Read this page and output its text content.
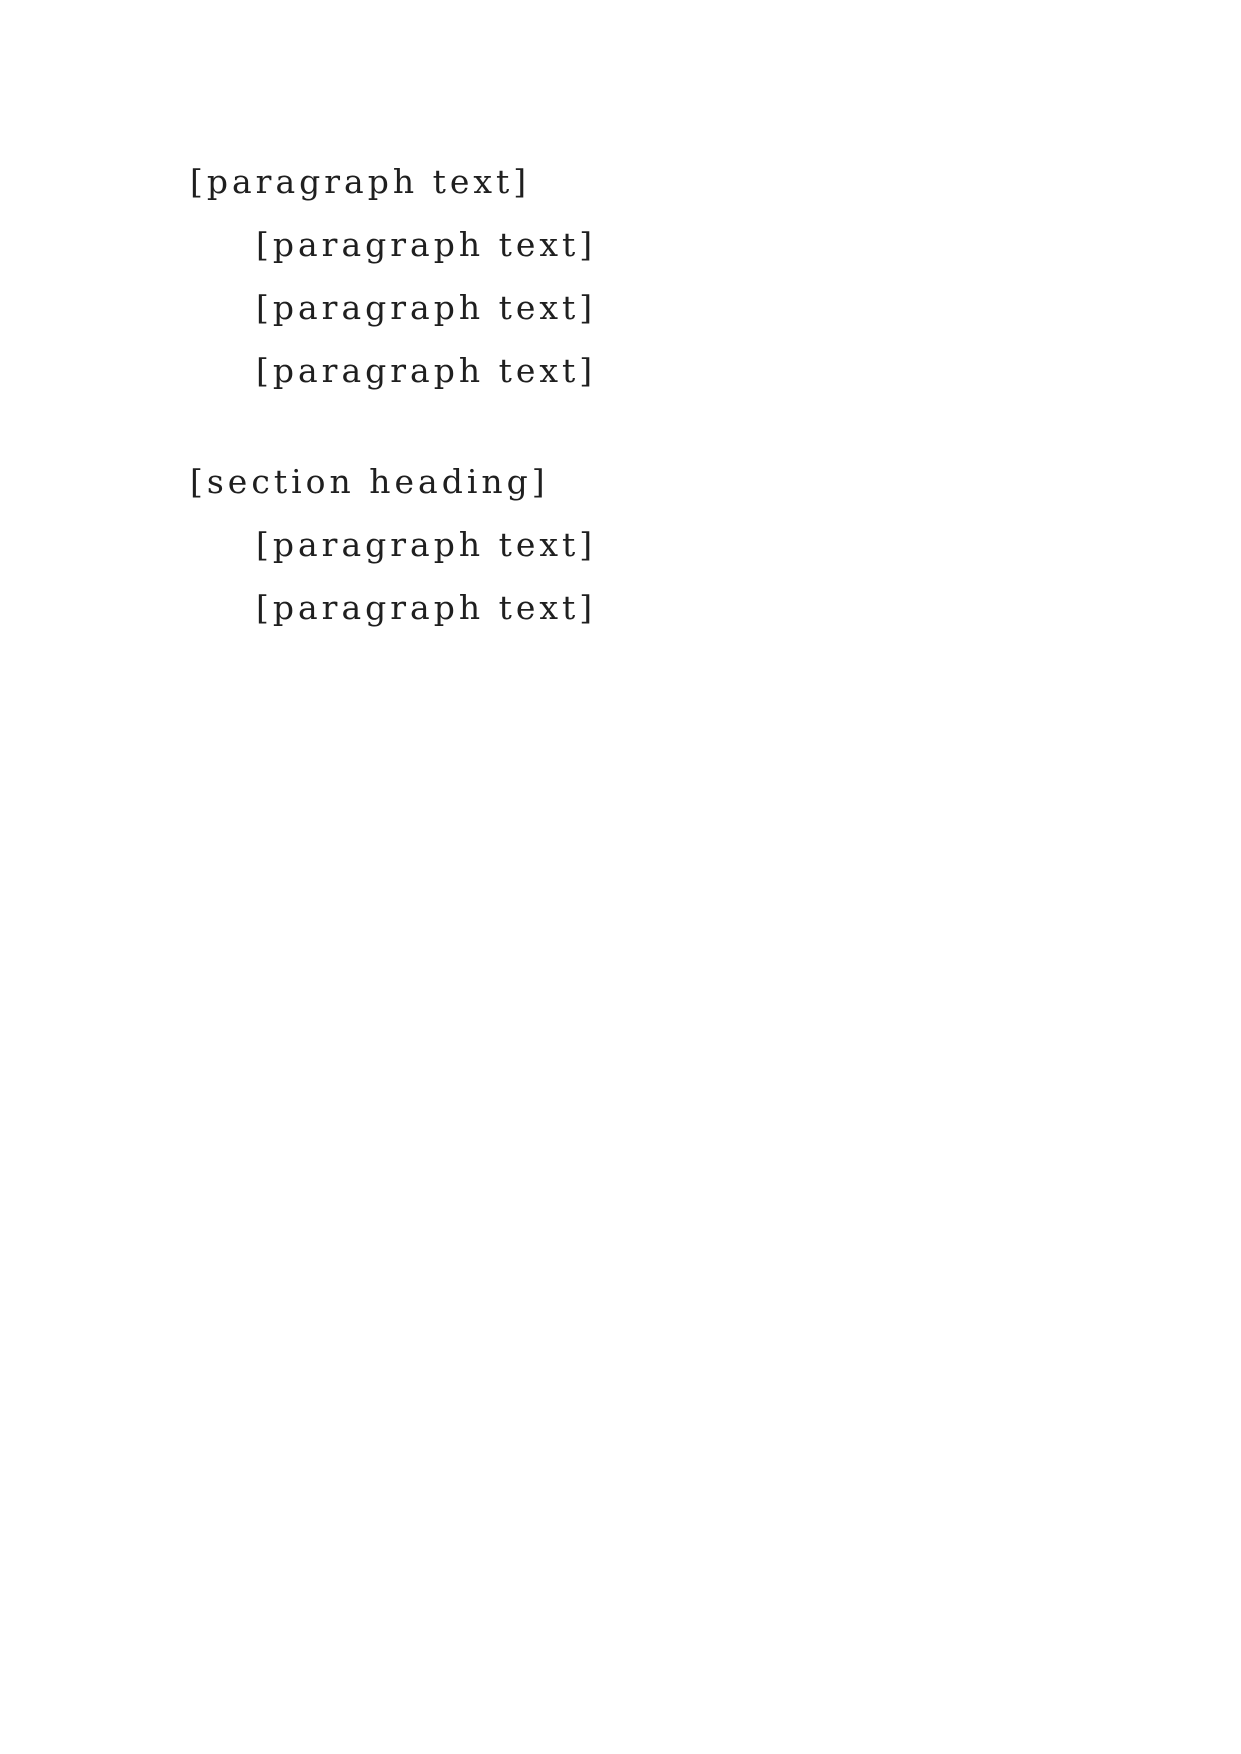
[paragraph text]

[paragraph text]

[paragraph text]

[paragraph text]

[section heading]

[paragraph text]

[paragraph text]
